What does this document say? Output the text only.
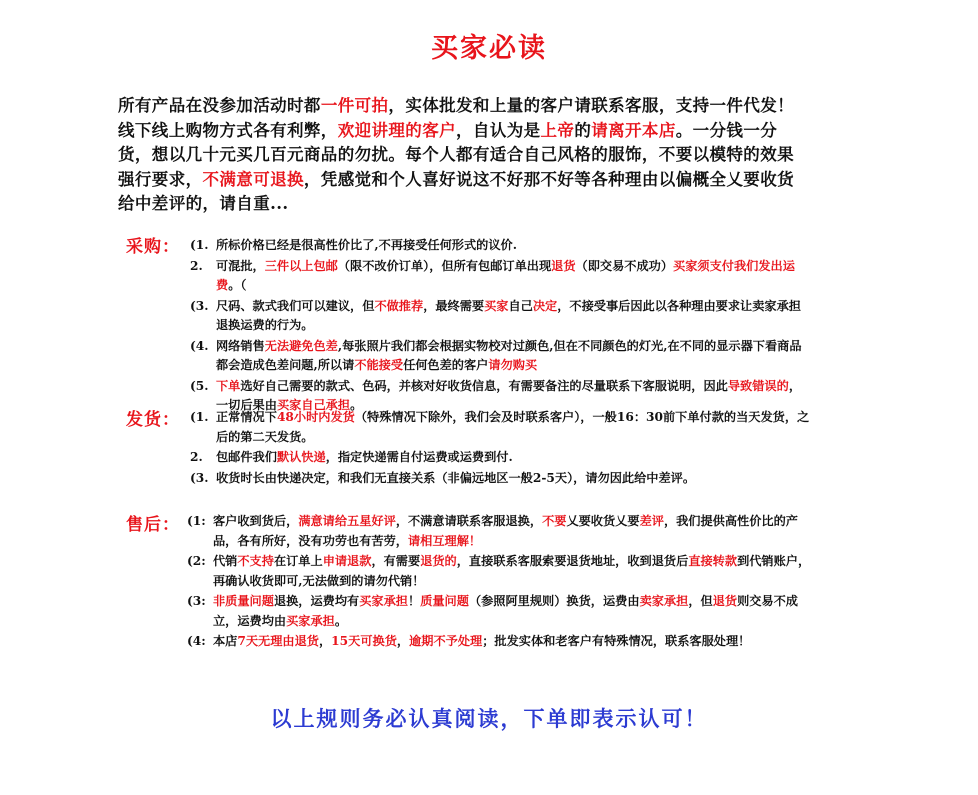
买家必读

所有产品在没参加活动时都一件可拍，实体批发和上量的客户请联系客服，支持一件代发！线下线上购物方式各有利弊，欢迎讲理的客户，自认为是上帝的请离开本店。一分钱一分货，想以几十元买几百元商品的勿扰。每个人都有适合自己风格的服饰，不要以模特的效果强行要求，不满意可退换，凭感觉和个人喜好说这不好那不好等各种理由以偏概全乂要收货给中差评的，请自重...

采购： (1. 所标价格已经是很高性价比了,不再接受任何形式的议价.
2.	可混批，三件以上包邮（限不改价订单），但所有包邮订单出现退货（即交易不成功）买家须支付我们发出运费。（
(3. 尺码、款式我们可以建议，但不做推荐，最终需要买家自己决定，不接受事后因此以各种理由要求让卖家承担退换运费的行为。
(4. 网络销售无法避免色差,每张照片我们都会根据实物校对过颜色,但在不同颜色的灯光,在不同的显示器下看商品都会造成色差问题,所以请不能接受任何色差的客户请勿购买
(5. 下单选好自己需要的款式、色码，并核对好收货信息，有需要备注的尽量联系下客服说明，因此导致错误的，一切后果由买家自己承担。
发货： (1. 正常情况下48小时内发货（特殊情况下除外，我们会及时联系客户），一般16：30前下单付款的当天发货，之后的第二天发货。
2.	包邮件我们默认快递，指定快递需自付运费或运费到付.
(3. 收货时长由快递决定，和我们无直接关系（非偏远地区一般2-5天），请勿因此给中差评。
售后： (1: 客户收到货后，满意请给五星好评，不满意请联系客服退换，不要乂要收货乂要差评，我们提供高性价比的产品，各有所好，没有功劳也有苦劳，请相互理解！
(2: 代销不支持在订单上申请退款，有需要退货的，直接联系客服索要退货地址，收到退货后直接转款到代销账户，再确认收货即可,无法做到的请勿代销！
(3: 非质量问题退换，运费均有买家承担！质量问题（参照阿里规则）换货，运费由卖家承担，但退货则交易不成立，运费均由买家承担。
(4: 本店7天无理由退货，15天可换货，逾期不予处理；批发实体和老客户有特殊情况，联系客服处理！
以上规则务必认真阅读，下单即表示认可！
